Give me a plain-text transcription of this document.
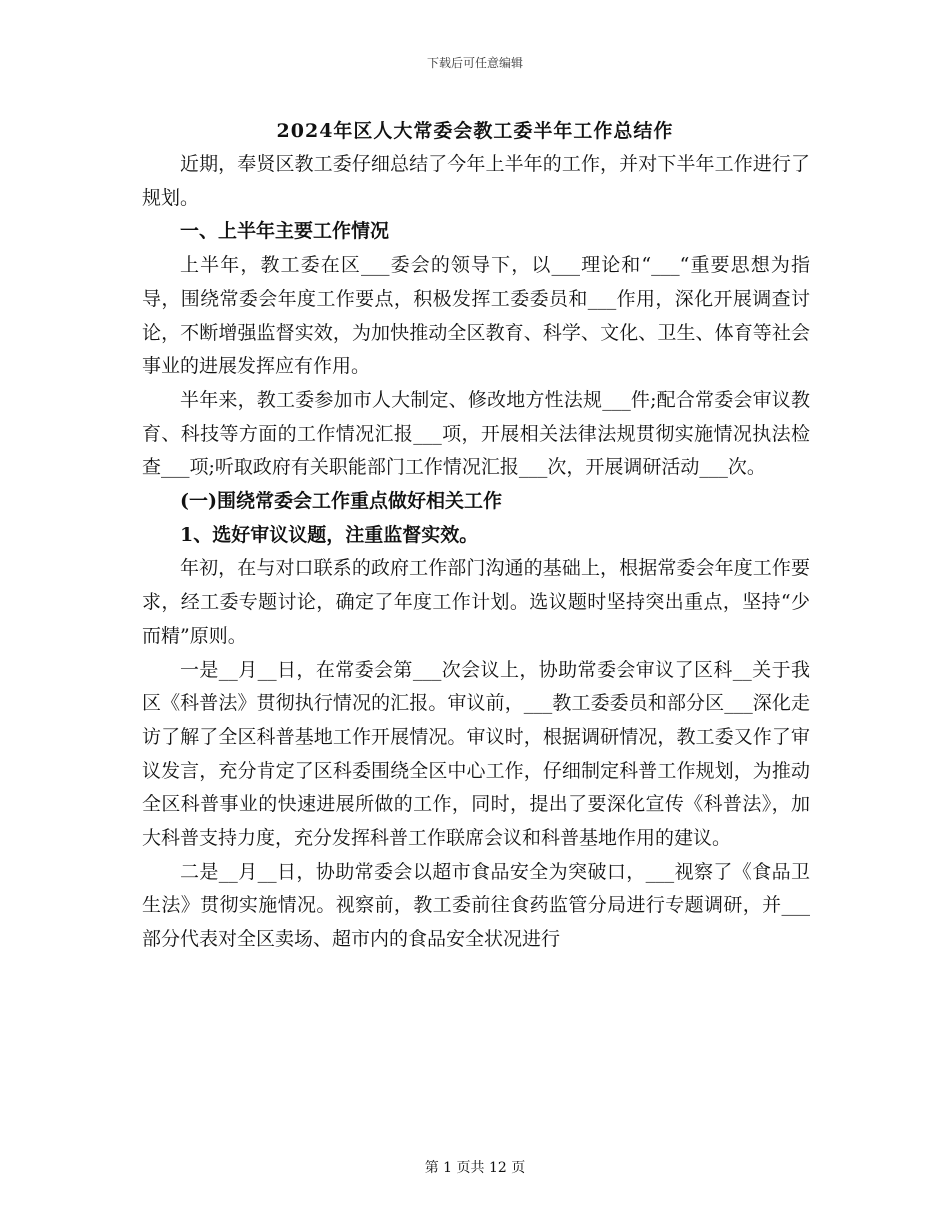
下载后可任意编辑
2024年区人大常委会教工委半年工作总结作

近期，奉贤区教工委仔细总结了今年上半年的工作，并对下半年工作进行了规划。

一、上半年主要工作情况

上半年，教工委在区___委会的领导下，以___理论和“___“重要思想为指导，围绕常委会年度工作要点，积极发挥工委委员和___作用，深化开展调查讨论，不断增强监督实效，为加快推动全区教育、科学、文化、卫生、体育等社会事业的进展发挥应有作用。

半年来，教工委参加市人大制定、修改地方性法规___件;配合常委会审议教育、科技等方面的工作情况汇报___项，开展相关法律法规贯彻实施情况执法检查___项;听取政府有关职能部门工作情况汇报___次，开展调研活动___次。

(一)围绕常委会工作重点做好相关工作

1、选好审议议题，注重监督实效。

年初，在与对口联系的政府工作部门沟通的基础上，根据常委会年度工作要求，经工委专题讨论，确定了年度工作计划。选议题时坚持突出重点，坚持“少而精”原则。

一是__月__日，在常委会第___次会议上，协助常委会审议了区科__关于我区《科普法》贯彻执行情况的汇报。审议前，___教工委委员和部分区___深化走访了解了全区科普基地工作开展情况。审议时，根据调研情况，教工委又作了审议发言，充分肯定了区科委围绕全区中心工作，仔细制定科普工作规划，为推动全区科普事业的快速进展所做的工作，同时，提出了要深化宣传《科普法》，加大科普支持力度，充分发挥科普工作联席会议和科普基地作用的建议。

二是__月__日，协助常委会以超市食品安全为突破口，___视察了《食品卫生法》贯彻实施情况。视察前，教工委前往食药监管分局进行专题调研，并___部分代表对全区卖场、超市内的食品安全状况进行

第 1 页共 12 页
